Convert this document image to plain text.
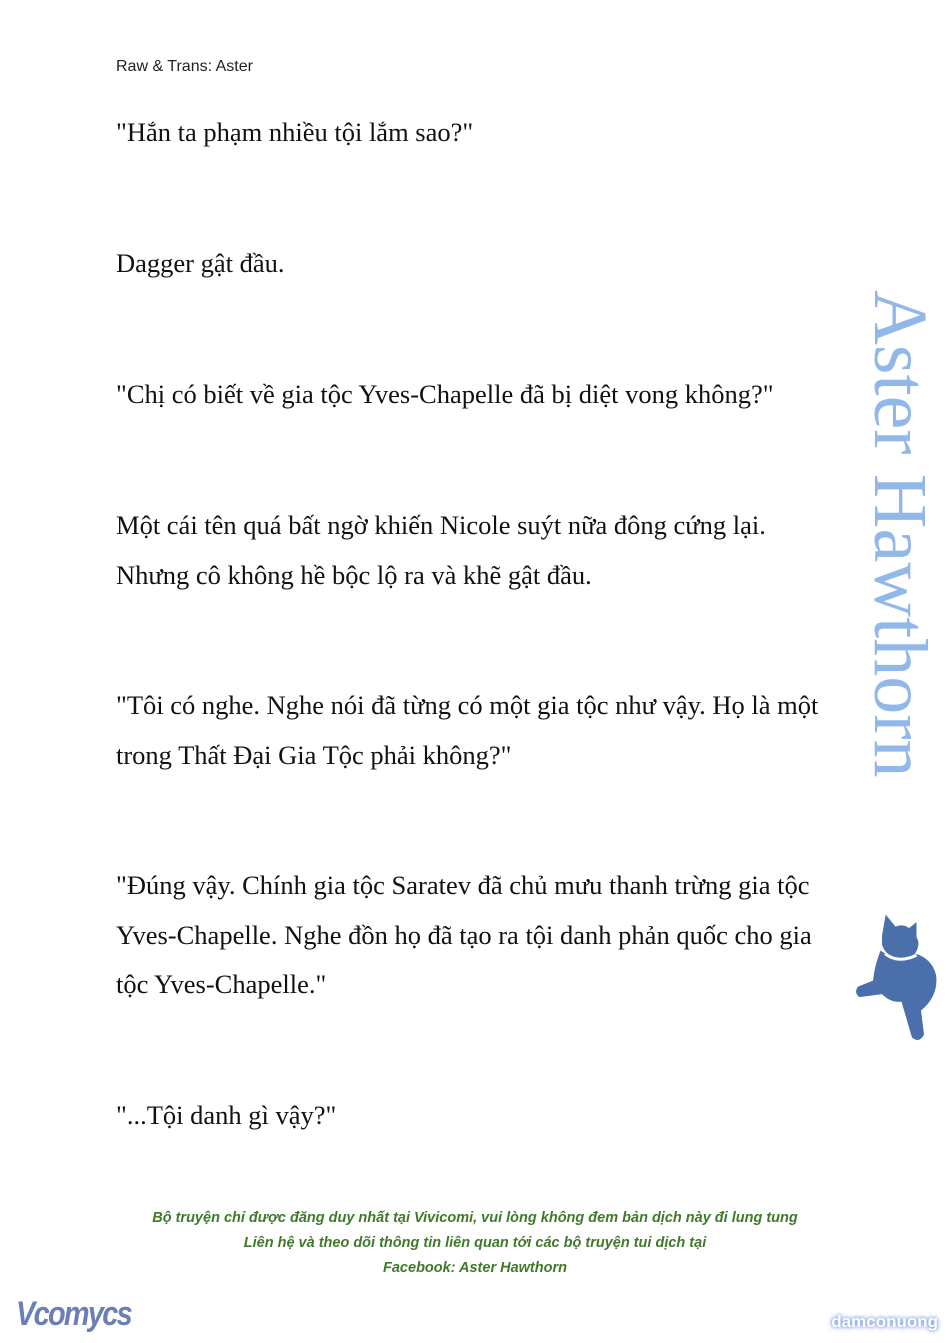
Raw & Trans: Aster

"Hắn ta phạm nhiều tội lắm sao?"

Dagger gật đầu.

"Chị có biết về gia tộc Yves-Chapelle đã bị diệt vong không?"

Một cái tên quá bất ngờ khiến Nicole suýt nữa đông cứng lại. Nhưng cô không hề bộc lộ ra và khẽ gật đầu.

"Tôi có nghe. Nghe nói đã từng có một gia tộc như vậy. Họ là một trong Thất Đại Gia Tộc phải không?"

"Đúng vậy. Chính gia tộc Saratev đã chủ mưu thanh trừng gia tộc Yves-Chapelle. Nghe đồn họ đã tạo ra tội danh phản quốc cho gia tộc Yves-Chapelle."

"...Tội danh gì vậy?"

Aster Hawthorn
Bộ truyện chỉ được đăng duy nhất tại Vivicomi, vui lòng không đem bản dịch này đi lung tung
Liên hệ và theo dõi thông tin liên quan tới các bộ truyện tui dịch tại
Facebook: Aster Hawthorn
Vcomycs	damconuong
